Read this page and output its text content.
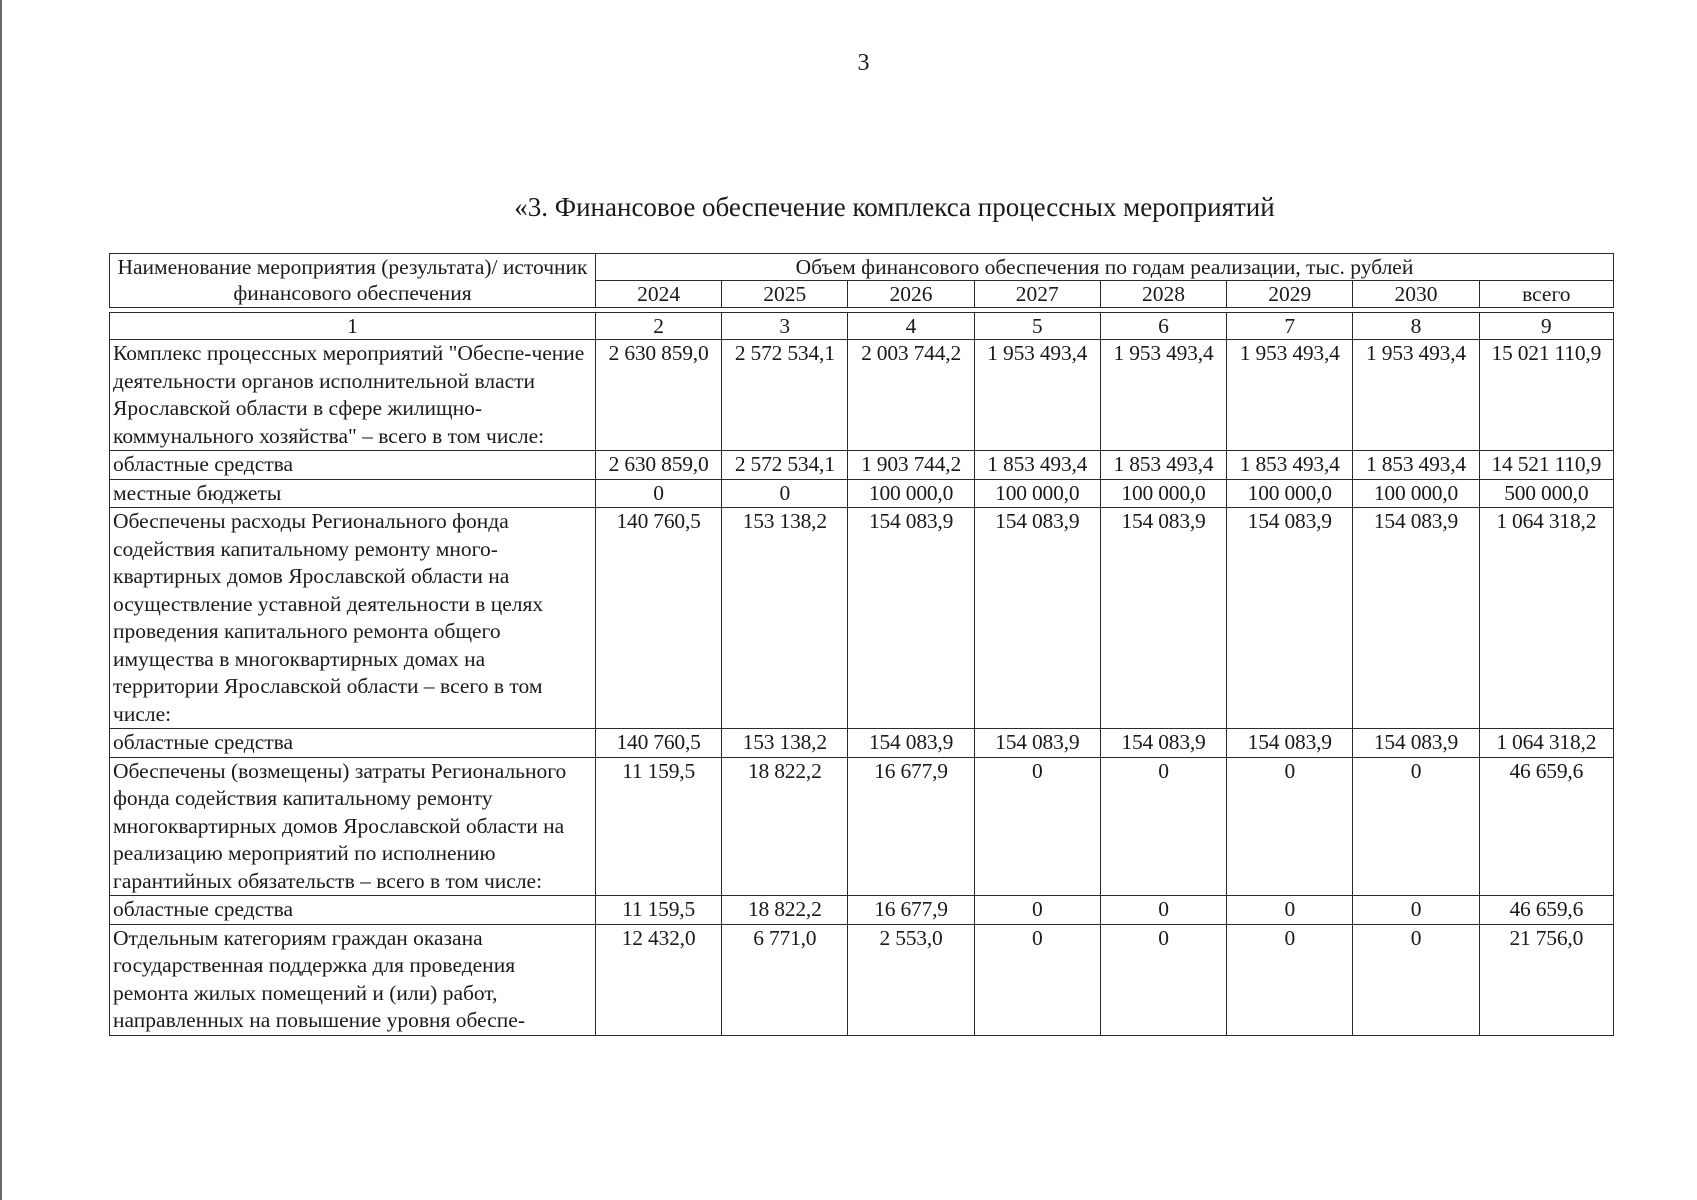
3
«3. Финансовое обеспечение комплекса процессных мероприятий
Наименование мероприятия (результата)/ источник финансового обеспечения	Объем финансового обеспечения по годам реализации, тыс. рублей							
	2024	2025	2026	2027	2028	2029	2030	всего

1	2	3	4	5	6	7	8	9
Комплекс процессных мероприятий "Обеспе-чение деятельности органов исполнительной власти Ярославской области в сфере жилищно-коммунального хозяйства" – всего в том числе:	2 630 859,0	2 572 534,1	2 003 744,2	1 953 493,4	1 953 493,4	1 953 493,4	1 953 493,4	15 021 110,9
областные средства	2 630 859,0	2 572 534,1	1 903 744,2	1 853 493,4	1 853 493,4	1 853 493,4	1 853 493,4	14 521 110,9
местные бюджеты	0	0	100 000,0	100 000,0	100 000,0	100 000,0	100 000,0	500 000,0
Обеспечены расходы Регионального фонда содействия капитальному ремонту много-квартирных домов Ярославской области на осуществление уставной деятельности в целях проведения капитального ремонта общего имущества в многоквартирных домах на территории Ярославской области – всего в том числе:	140 760,5	153 138,2	154 083,9	154 083,9	154 083,9	154 083,9	154 083,9	1 064 318,2
областные средства	140 760,5	153 138,2	154 083,9	154 083,9	154 083,9	154 083,9	154 083,9	1 064 318,2
Обеспечены (возмещены) затраты Регионального фонда содействия капитальному ремонту многоквартирных домов Ярославской области на реализацию мероприятий по исполнению гарантийных обязательств – всего в том числе:	11 159,5	18 822,2	16 677,9	0	0	0	0	46 659,6
областные средства	11 159,5	18 822,2	16 677,9	0	0	0	0	46 659,6
Отдельным категориям граждан оказана государственная поддержка для проведения ремонта жилых помещений и (или) работ, направленных на повышение уровня обеспе-	12 432,0	6 771,0	2 553,0	0	0	0	0	21 756,0
